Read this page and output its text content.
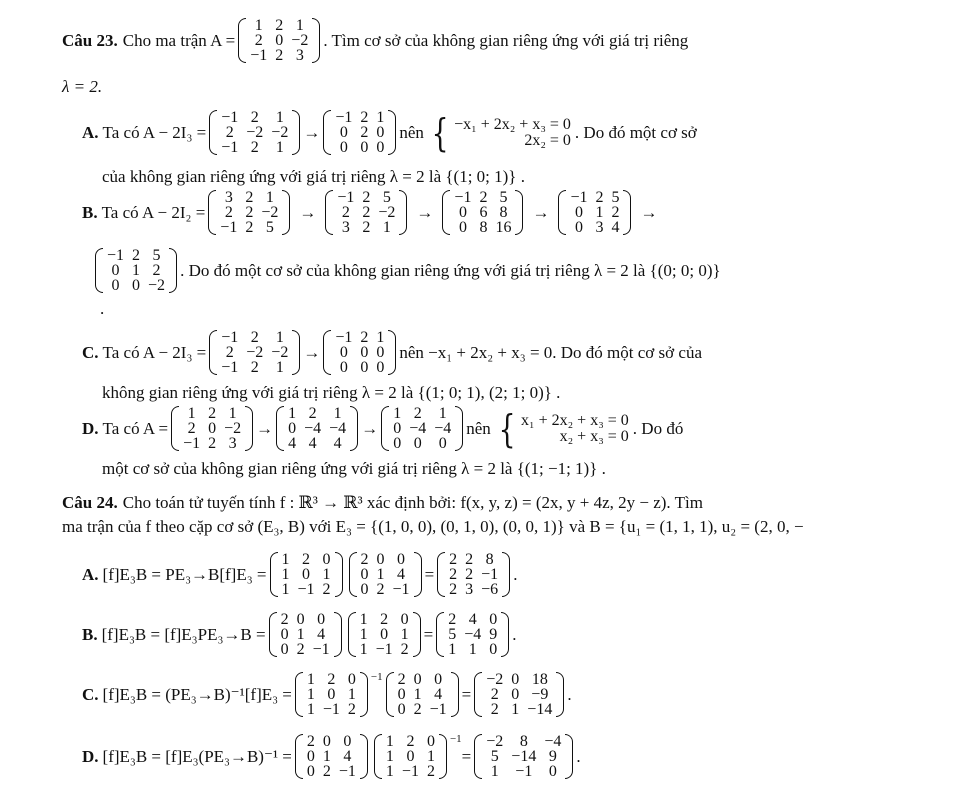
Câu 23. Cho ma trận A =
1	2	1
2	0	−2
−1	2	3
. Tìm cơ sở của không gian riêng ứng với giá trị riêng
λ = 2.
A. Ta có A − 2I₃ =
−1	2	1
2	−2	−2
−1	2	1
→
−1	2	1
0	2	0
0	0	0
nên { −x₁ + 2x₂ + x₃ = 0
2x₂ = 0 . Do đó một cơ sở
của không gian riêng ứng với giá trị riêng λ = 2 là {(1; 0; 1)} .
B. Ta có A − 2I₂ =
3	2	1
2	2	−2
−1	2	5
→
−1	2	5
2	2	−2
3	2	1
→
−1	2	5
0	6	8
0	8	16
→
−1	2	5
0	1	2
0	3	4
→
−1	2	5
0	1	2
0	0	−2
. Do đó một cơ sở của không gian riêng ứng với giá trị riêng λ = 2 là {(0; 0; 0)}
.
C. Ta có A − 2I₃ =
−1	2	1
2	−2	−2
−1	2	1
→
−1	2	1
0	0	0
0	0	0
nên −x₁ + 2x₂ + x₃ = 0. Do đó một cơ sở của
không gian riêng ứng với giá trị riêng λ = 2 là {(1; 0; 1), (2; 1; 0)} .
D. Ta có A =
1	2	1
2	0	−2
−1	2	3
→
1	2	1
0	−4	−4
4	4	4
→
1	2	1
0	−4	−4
0	0	0
nên { x₁ + 2x₂ + x₃ = 0
x₂ + x₃ = 0 . Do đó
một cơ sở của không gian riêng ứng với giá trị riêng λ = 2 là {(1; −1; 1)} .
Câu 24. Cho toán tử tuyến tính f : ℝ³ → ℝ³ xác định bởi: f(x, y, z) = (2x, y + 4z, 2y − z). Tìm
ma trận của f theo cặp cơ sở (E₃, B) với E₃ = {(1, 0, 0), (0, 1, 0), (0, 0, 1)} và B = {u₁ = (1, 1, 1), u₂ = (2, 0, −
A. [f]E₃B = PE₃→B[f]E₃ =
1	2	0
1	0	1
1	−1	2
2	0	0
0	1	4
0	2	−1
=
2	2	8
2	2	−1
2	3	−6
.
B. [f]E₃B = [f]E₃PE₃→B =
2	0	0
0	1	4
0	2	−1
1	2	0
1	0	1
1	−1	2
=
2	4	0
5	−4	9
1	1	0
.
C. [f]E₃B = (PE₃→B)⁻¹[f]E₃ =
1	2	0
1	0	1
1	−1	2
$^{-1}$ 2	0	0
0	1	4
0	2	−1
=
−2	0	18
2	0	−9
2	1	−14
.
D. [f]E₃B = [f]E₃(PE₃→B)⁻¹ =
2	0	0
0	1	4
0	2	−1
1	2	0
1	0	1
1	−1	2
$^{-1}$
=
−2	8	−4
5	−14	9
1	−1	0
.
